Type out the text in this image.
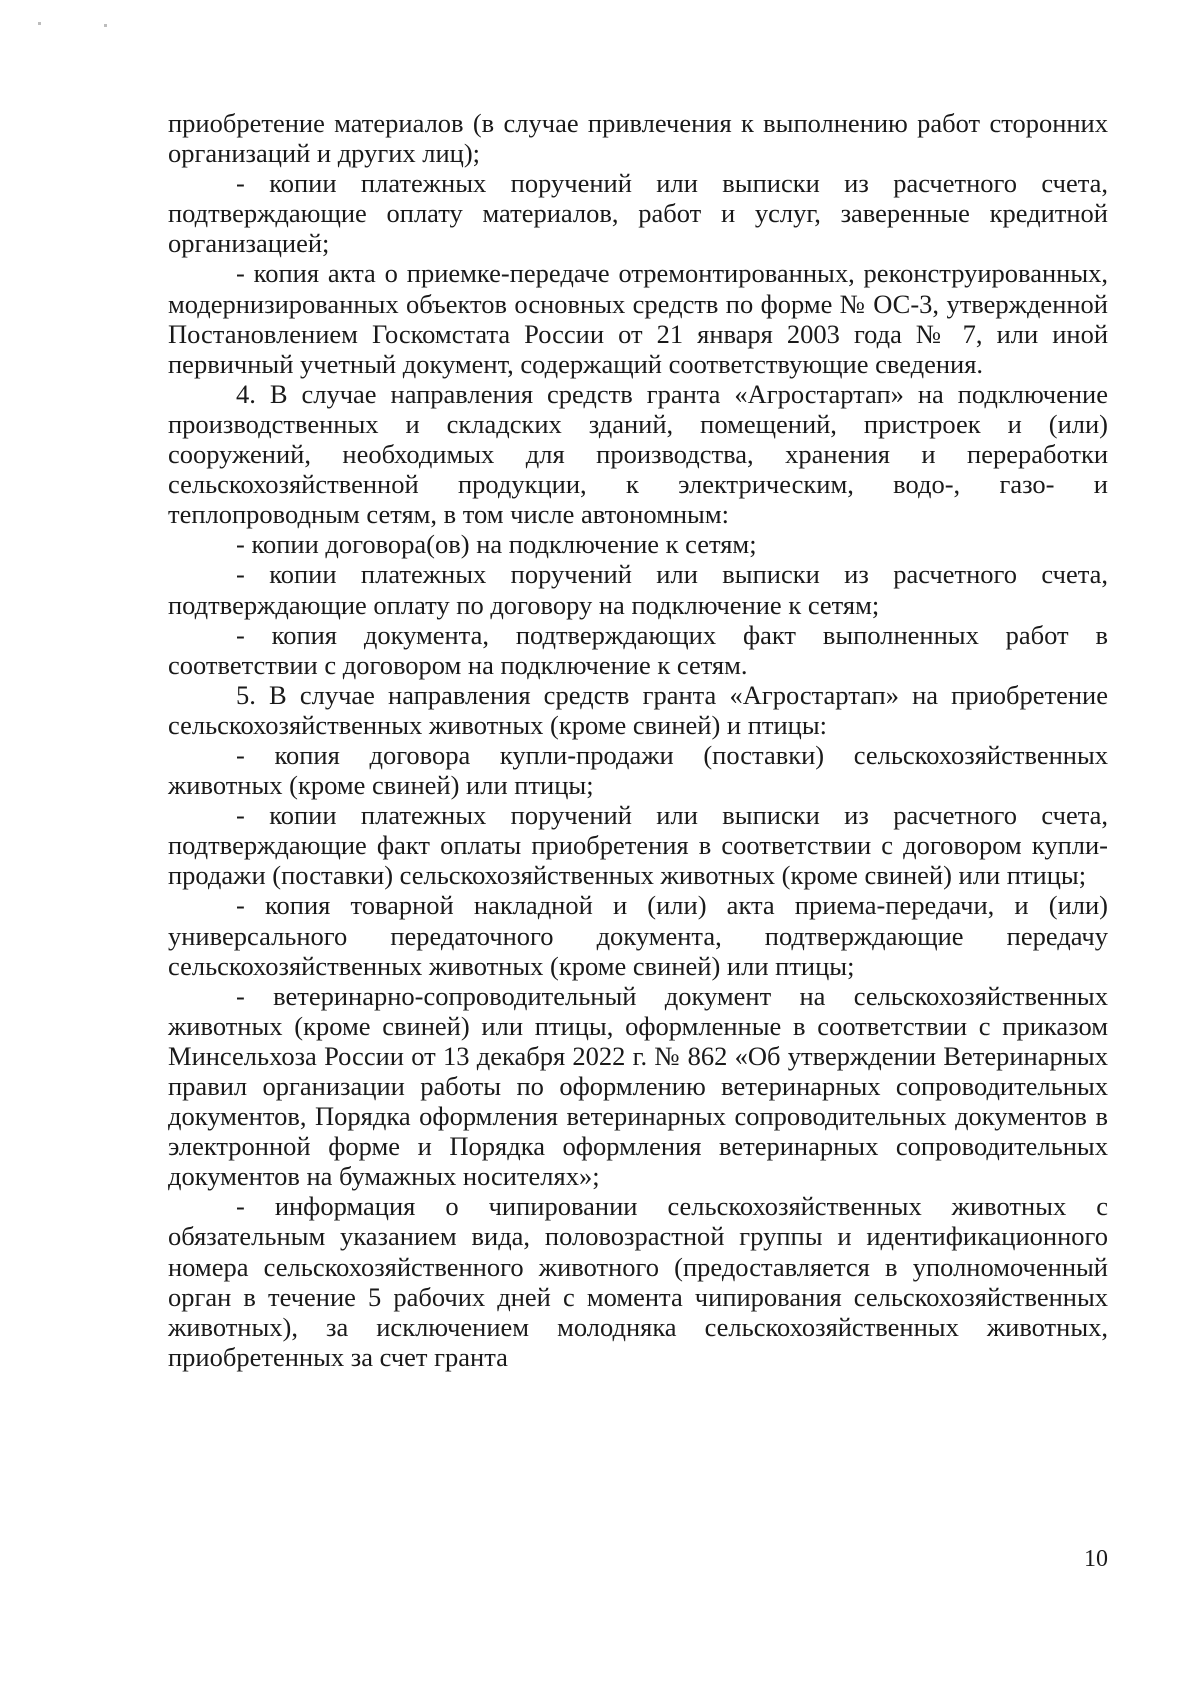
приобретение материалов (в случае привлечения к выполнению работ сторонних организаций и других лиц);

- копии платежных поручений или выписки из расчетного счета, подтверждающие оплату материалов, работ и услуг, заверенные кредитной организацией;

- копия акта о приемке-передаче отремонтированных, реконструированных, модернизированных объектов основных средств по форме № ОС-3, утвержденной Постановлением Госкомстата России от 21 января 2003 года № 7, или иной первичный учетный документ, содержащий соответствующие сведения.

4. В случае направления средств гранта «Агростартап» на подключение производственных и складских зданий, помещений, пристроек и (или) сооружений, необходимых для производства, хранения и переработки сельскохозяйственной продукции, к электрическим, водо-, газо- и теплопроводным сетям, в том числе автономным:

- копии договора(ов) на подключение к сетям;

- копии платежных поручений или выписки из расчетного счета, подтверждающие оплату по договору на подключение к сетям;

- копия документа, подтверждающих факт выполненных работ в соответствии с договором на подключение к сетям.

5. В случае направления средств гранта «Агростартап» на приобретение сельскохозяйственных животных (кроме свиней) и птицы:

- копия договора купли-продажи (поставки) сельскохозяйственных животных (кроме свиней) или птицы;

- копии платежных поручений или выписки из расчетного счета, подтверждающие факт оплаты приобретения в соответствии с договором купли-продажи (поставки) сельскохозяйственных животных (кроме свиней) или птицы;

- копия товарной накладной и (или) акта приема-передачи, и (или) универсального передаточного документа, подтверждающие передачу сельскохозяйственных животных (кроме свиней) или птицы;

- ветеринарно-сопроводительный документ на сельскохозяйственных животных (кроме свиней) или птицы, оформленные в соответствии с приказом Минсельхоза России от 13 декабря 2022 г. № 862 «Об утверждении Ветеринарных правил организации работы по оформлению ветеринарных сопроводительных документов, Порядка оформления ветеринарных сопроводительных документов в электронной форме и Порядка оформления ветеринарных сопроводительных документов на бумажных носителях»;

- информация о чипировании сельскохозяйственных животных с обязательным указанием вида, половозрастной группы и идентификационного номера сельскохозяйственного животного (предоставляется в уполномоченный орган в течение 5 рабочих дней с момента чипирования сельскохозяйственных животных), за исключением молодняка сельскохозяйственных животных, приобретенных за счет гранта

10
